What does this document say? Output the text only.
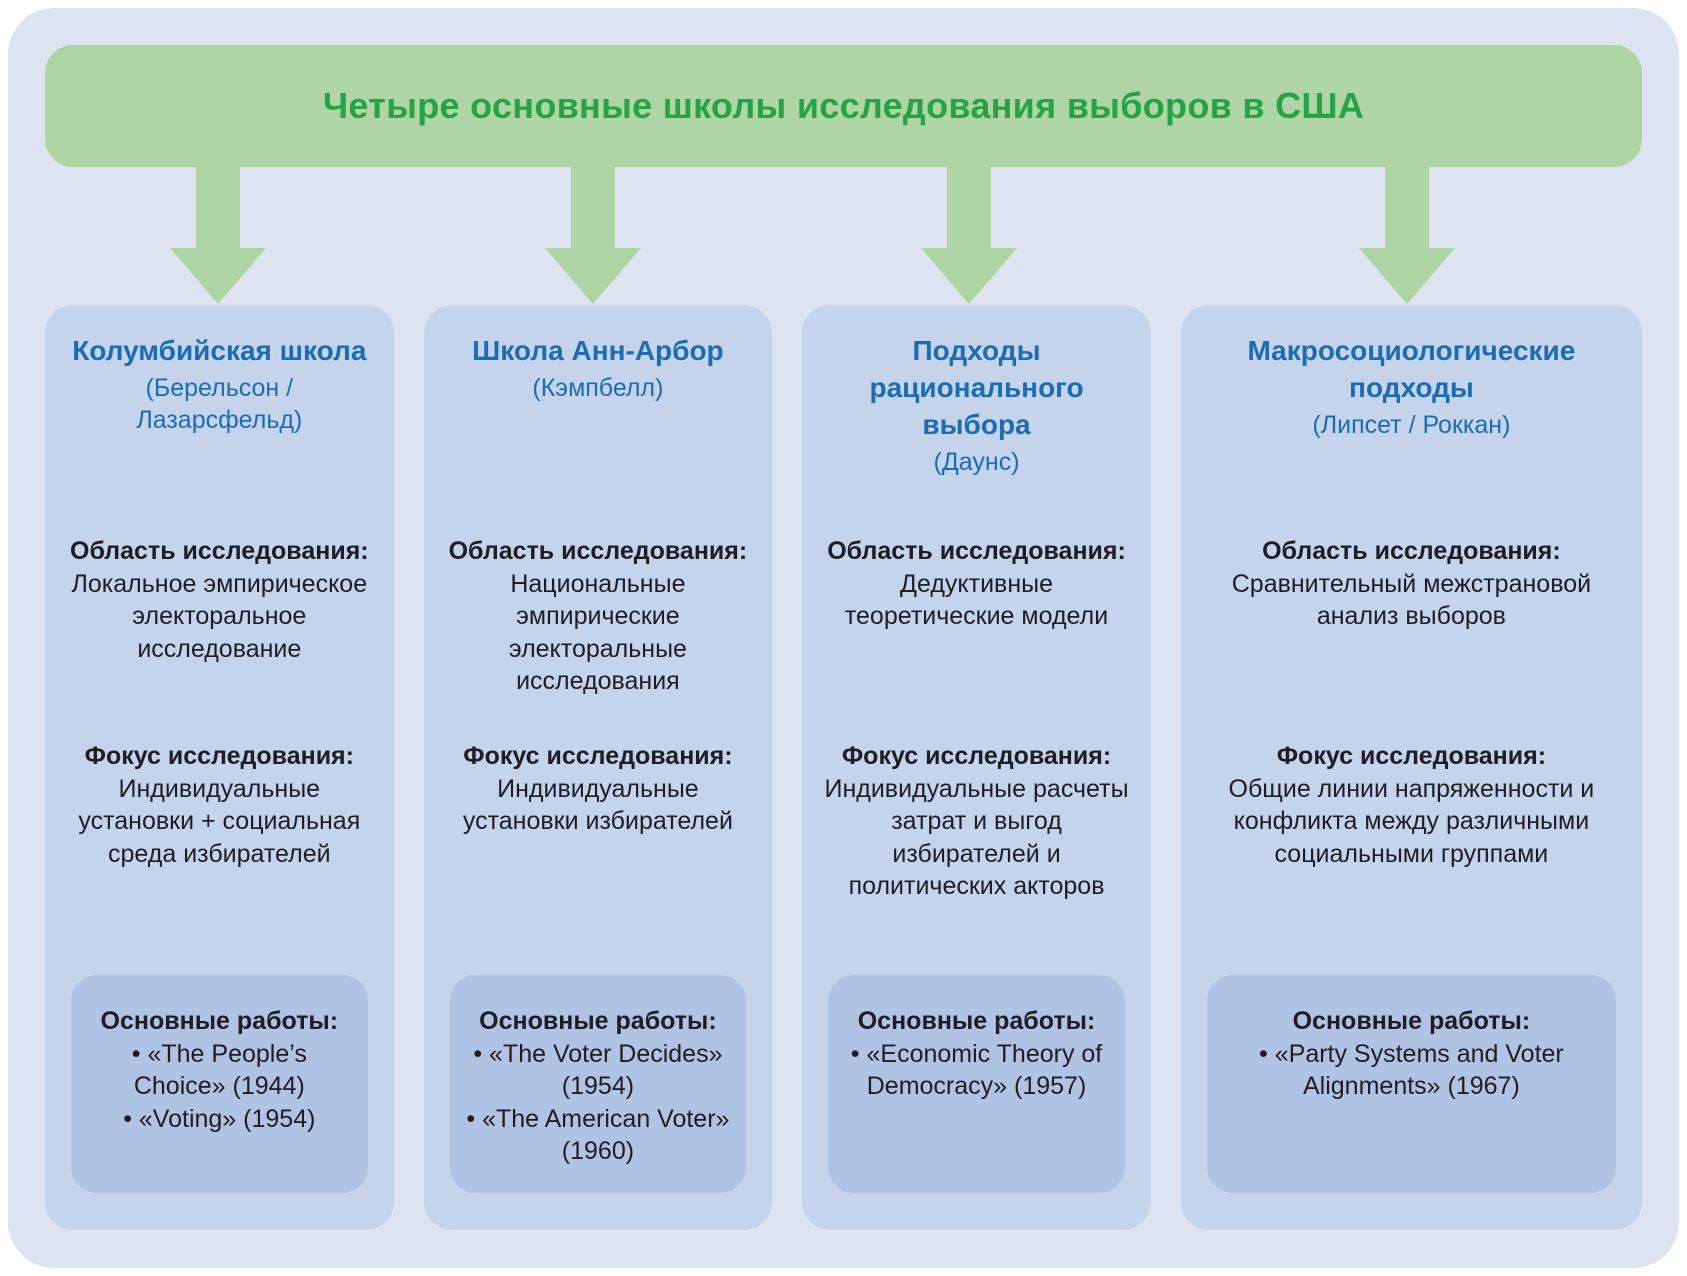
Четыре основные школы исследования выборов в США
Колумбийская школа
(Берельсон / Лазарсфельд)
Область исследования:
Локальное эмпирическое электоральное исследование
Фокус исследования:
Индивидуальные установки + социальная среда избирателей
Основные работы:
• «The People’s Choice» (1944)
• «Voting» (1954)
Школа Анн-Арбор
(Кэмпбелл)
Область исследования:
Национальные эмпирические электоральные исследования
Фокус исследования:
Индивидуальные установки избирателей
Основные работы:
• «The Voter Decides» (1954)
• «The American Voter» (1960)
Подходы рационального выбора
(Даунс)
Область исследования:
Дедуктивные теоретические модели
Фокус исследования:
Индивидуальные расчеты затрат и выгод избирателей и политических акторов
Основные работы:
• «Economic Theory of Democracy» (1957)
Макросоциологические подходы
(Липсет / Роккан)
Область исследования:
Сравнительный межстрановой анализ выборов
Фокус исследования:
Общие линии напряженности и конфликта между различными социальными группами
Основные работы:
• «Party Systems and Voter Alignments» (1967)
